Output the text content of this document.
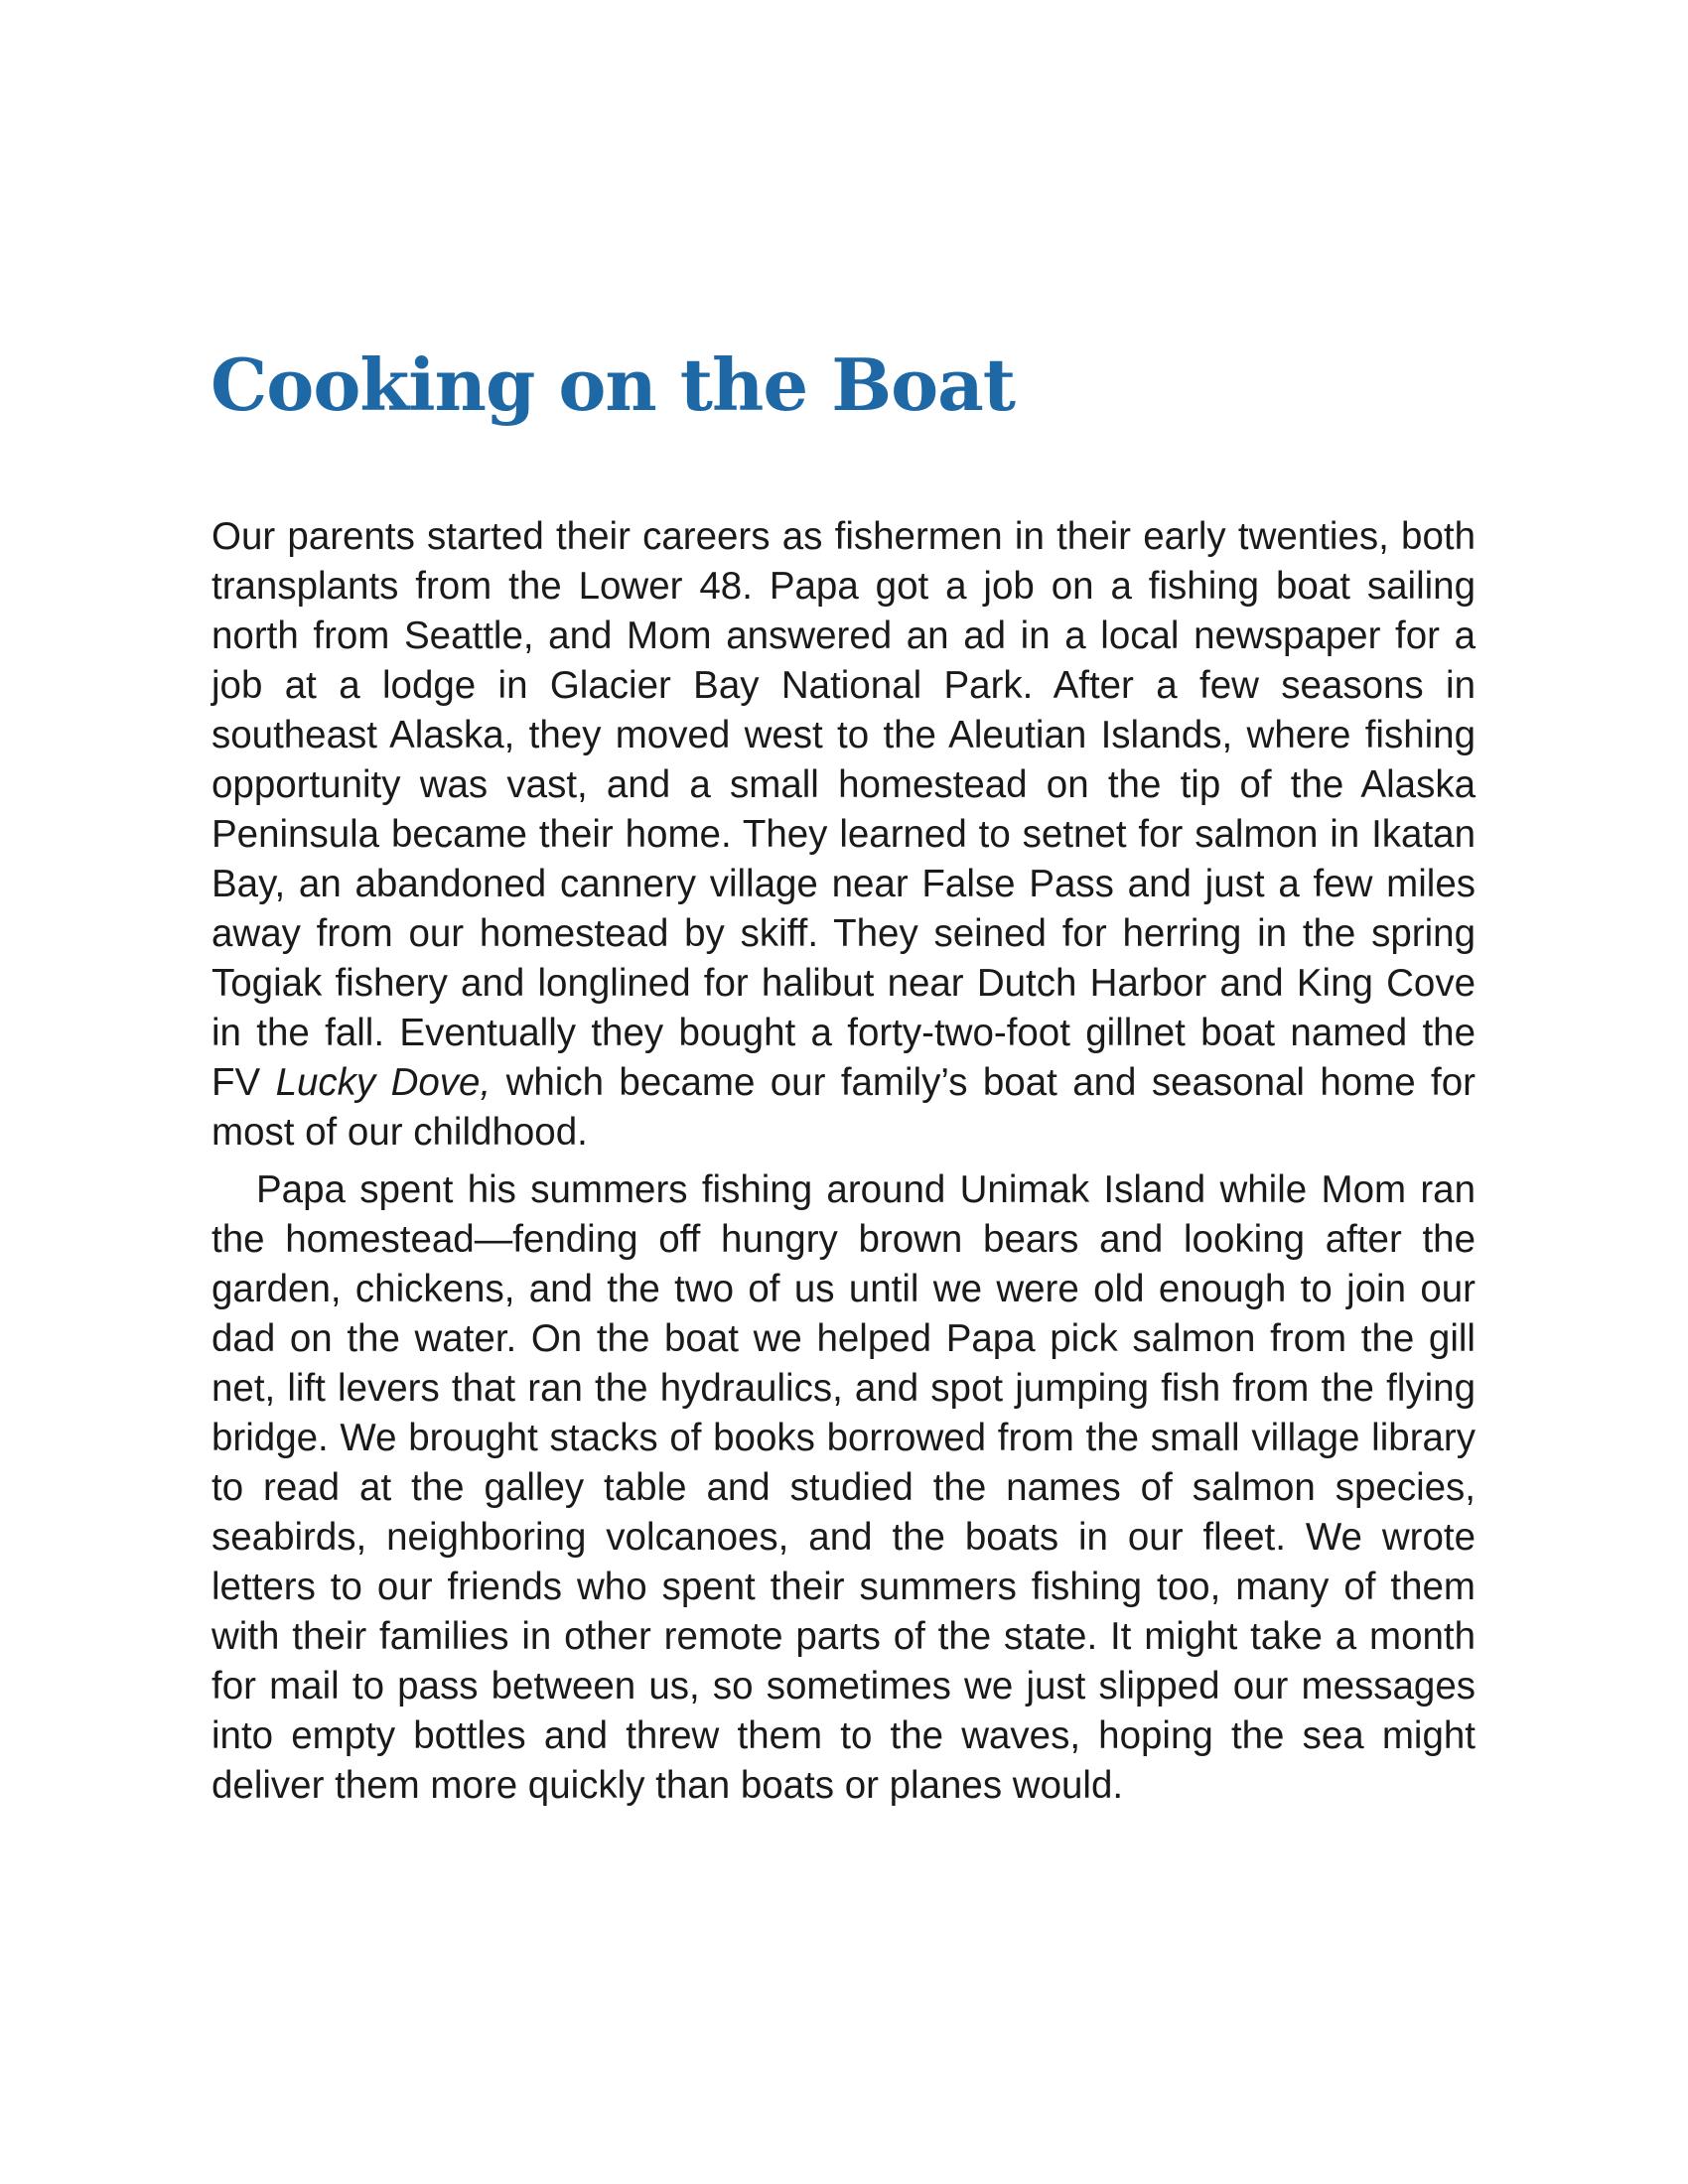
Cooking on the Boat

Our parents started their careers as fishermen in their early twenties, both transplants from the Lower 48. Papa got a job on a fishing boat sailing north from Seattle, and Mom answered an ad in a local newspaper for a job at a lodge in Glacier Bay National Park. After a few seasons in southeast Alaska, they moved west to the Aleutian Islands, where fishing opportunity was vast, and a small homestead on the tip of the Alaska Peninsula became their home. They learned to setnet for salmon in Ikatan Bay, an abandoned cannery village near False Pass and just a few miles away from our homestead by skiff. They seined for herring in the spring Togiak fishery and longlined for halibut near Dutch Harbor and King Cove in the fall. Eventually they bought a forty-two-foot gillnet boat named the FV Lucky Dove, which became our family’s boat and seasonal home for most of our childhood.

Papa spent his summers fishing around Unimak Island while Mom ran the homestead—fending off hungry brown bears and looking after the garden, chickens, and the two of us until we were old enough to join our dad on the water. On the boat we helped Papa pick salmon from the gill net, lift levers that ran the hydraulics, and spot jumping fish from the flying bridge. We brought stacks of books borrowed from the small village library to read at the galley table and studied the names of salmon species, seabirds, neighboring volcanoes, and the boats in our fleet. We wrote letters to our friends who spent their summers fishing too, many of them with their families in other remote parts of the state. It might take a month for mail to pass between us, so sometimes we just slipped our messages into empty bottles and threw them to the waves, hoping the sea might deliver them more quickly than boats or planes would.
